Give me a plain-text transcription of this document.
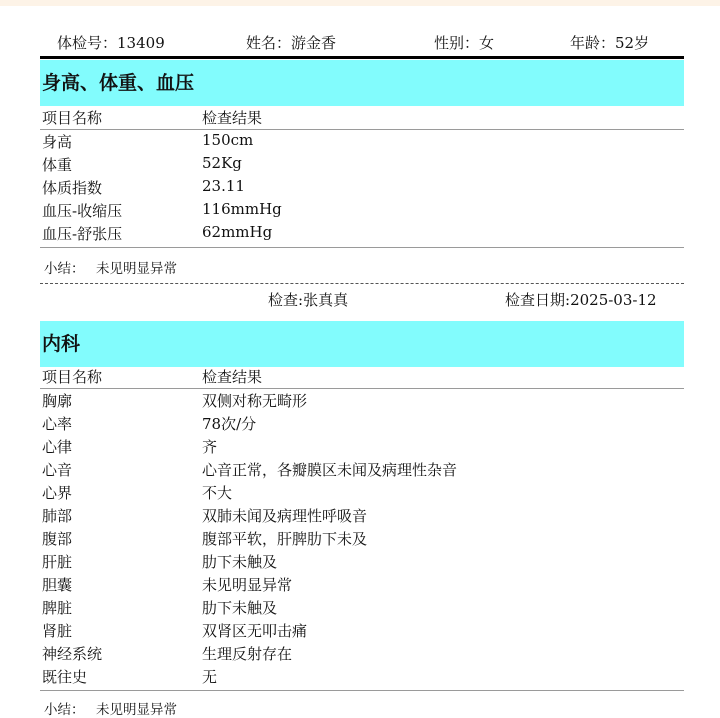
体检号：13409	姓名：游金香	性别：女	年龄：52岁
身高、体重、血压
项目名称	检查结果
身高	150cm
体重	52Kg
体质指数	23.11
血压-收缩压	116mmHg
血压-舒张压	62mmHg
小结： 未见明显异常
检查:张真真	检查日期:2025-03-12
内科
项目名称	检查结果
胸廓	双侧对称无畸形
心率	78次/分
心律	齐
心音	心音正常，各瓣膜区未闻及病理性杂音
心界	不大
肺部	双肺未闻及病理性呼吸音
腹部	腹部平软，肝脾肋下未及
肝脏	肋下未触及
胆囊	未见明显异常
脾脏	肋下未触及
肾脏	双肾区无叩击痛
神经系统	生理反射存在
既往史	无
小结： 未见明显异常
